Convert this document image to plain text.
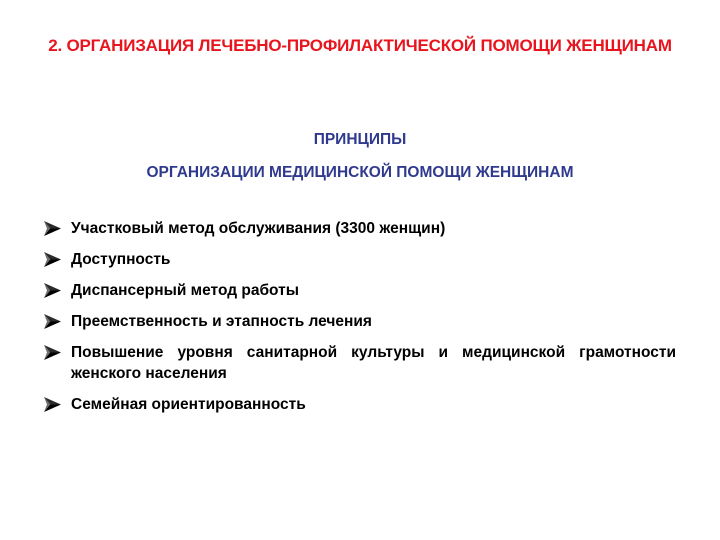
2. ОРГАНИЗАЦИЯ ЛЕЧЕБНО-ПРОФИЛАКТИЧЕСКОЙ ПОМОЩИ ЖЕНЩИНАМ
ПРИНЦИПЫ
ОРГАНИЗАЦИИ МЕДИЦИНСКОЙ ПОМОЩИ ЖЕНЩИНАМ
Участковый метод обслуживания (3300 женщин)
Доступность
Диспансерный метод работы
Преемственность и этапность лечения
Повышение уровня санитарной культуры и медицинской грамотности женского населения
Семейная ориентированность
